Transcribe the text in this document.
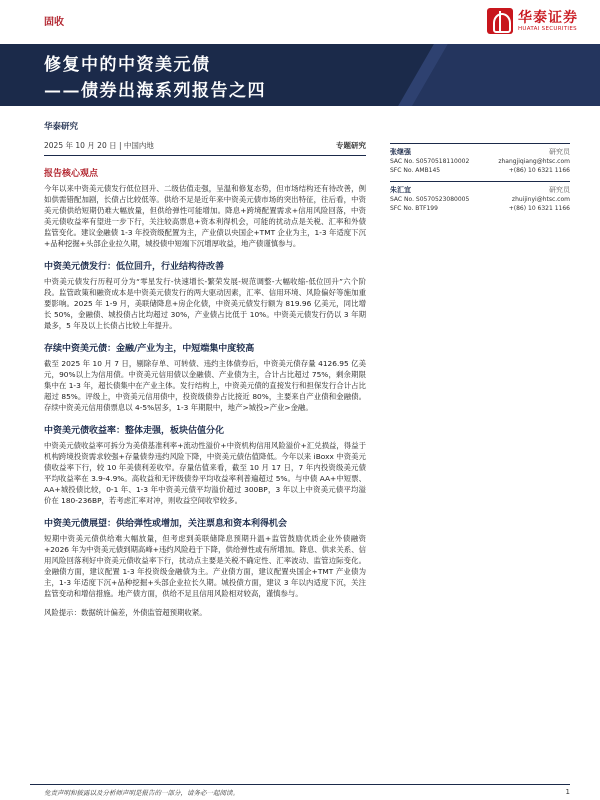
固收	华泰证券
HUATAI SECURITIES
修复中的中资美元债
——债券出海系列报告之四
华泰研究
2025 年 10 月 20 日 | 中国内地	专题研究
报告核心观点

今年以来中资美元债发行低位回升、二级估值走强，呈温和修复态势，但市场结构还有待改善，例如供需错配加剧，长债占比较低等。供给不足是近年来中资美元债市场的突出特征，往后看，中资美元债供给短期仍难大幅放量，但供给弹性可能增加。降息+跨境配置需求+信用风险回落，中资美元债收益率有望进一步下行，关注较高票息+资本利得机会，可能的扰动点是关税、汇率和外债监管变化。建议金融债 1-3 年投资级配置为主，产业债以央国企+TMT 企业为主，1-3 年适度下沉+品种挖掘+头部企业拉久期，城投债中短端下沉增厚收益，地产债谨慎参与。

中资美元债发行：低位回升，行业结构待改善

中资美元债发行历程可分为“零星发行-快速增长-繁荣发展-规范调整-大幅收缩-低位回升”六个阶段。监管政策和融资成本是中资美元债发行的两大驱动因素，汇率、信用环境、风险偏好等施加重要影响。2025 年 1-9 月，美联储降息+房企化债，中资美元债发行额为 819.96 亿美元，同比增长 50%，金融债、城投债占比均超过 30%，产业债占比低于 10%。中资美元债发行仍以 3 年期最多，5 年及以上长债占比较上年提升。

存续中资美元债：金融/产业为主，中短端集中度较高

截至 2025 年 10 月 7 日，剔除存单、可转债、违约主体债券后，中资美元债存量 4126.95 亿美元，90%以上为信用债。中资美元信用债以金融债、产业债为主，合计占比超过 75%，剩余期限集中在 1-3 年，超长债集中在产业主体。发行结构上，中资美元债的直接发行和担保发行合计占比超过 85%。评级上，中资美元信用债中，投资级债券占比接近 80%，主要来自产业债和金融债。存续中资美元信用债票息以 4-5%居多，1-3 年期限中，地产>城投>产业>金融。

中资美元债收益率：整体走强，板块估值分化

中资美元债收益率可拆分为美债基准利率+流动性溢价+中资机构信用风险溢价+汇兑损益，得益于机构跨境投资需求较强+存量债券违约风险下降，中资美元债估值降低。今年以来 iBoxx 中资美元债收益率下行，较 10 年美债利差收窄。存量估值来看，截至 10 月 17 日，7 年内投资级美元债平均收益率在 3.9-4.9%。高收益和无评级债券平均收益率利普遍超过 5%。与中债 AA+中短票、AA+城投债比较，0-1 年、1-3 年中资美元债平均溢价超过 300BP，3 年以上中资美元债平均溢价在 180-236BP，若考虑汇率对冲，则收益空间收窄较多。

中资美元债展望：供给弹性或增加，关注票息和资本利得机会

短期中资美元债供给难大幅放量，但考虑到美联储降息预期升温+监管鼓励优质企业外债融资+2026 年为中资美元债到期高峰+违约风险趋于下降，供给弹性或有所增加。降息、供求关系、信用风险回落利好中资美元债收益率下行，扰动点主要是关税不确定性、汇率波动、监管边际变化。金融债方面，建议配置 1-3 年投资级金融债为主。产业债方面，建议配置央国企+TMT 产业债为主，1-3 年适度下沉+品种挖掘+头部企业拉长久期。城投债方面，建议 3 年以内适度下沉，关注监管变动和增信措施。地产债方面，供给不足且信用风险相对较高，谨慎参与。

风险提示：数据统计偏差，外债监管超预期收紧。

张继强	研究员
SAC No. S0570518110002	zhangjiqiang@htsc.com
SFC No. AMB145	+(86) 10 6321 1166
朱汇宜	研究员
SAC No. S0570523080005	zhuijinyi@htsc.com
SFC No. BTF199	+(86) 10 6321 1166
免责声明和披露以及分析师声明是报告的一部分，请务必一起阅读。	1
